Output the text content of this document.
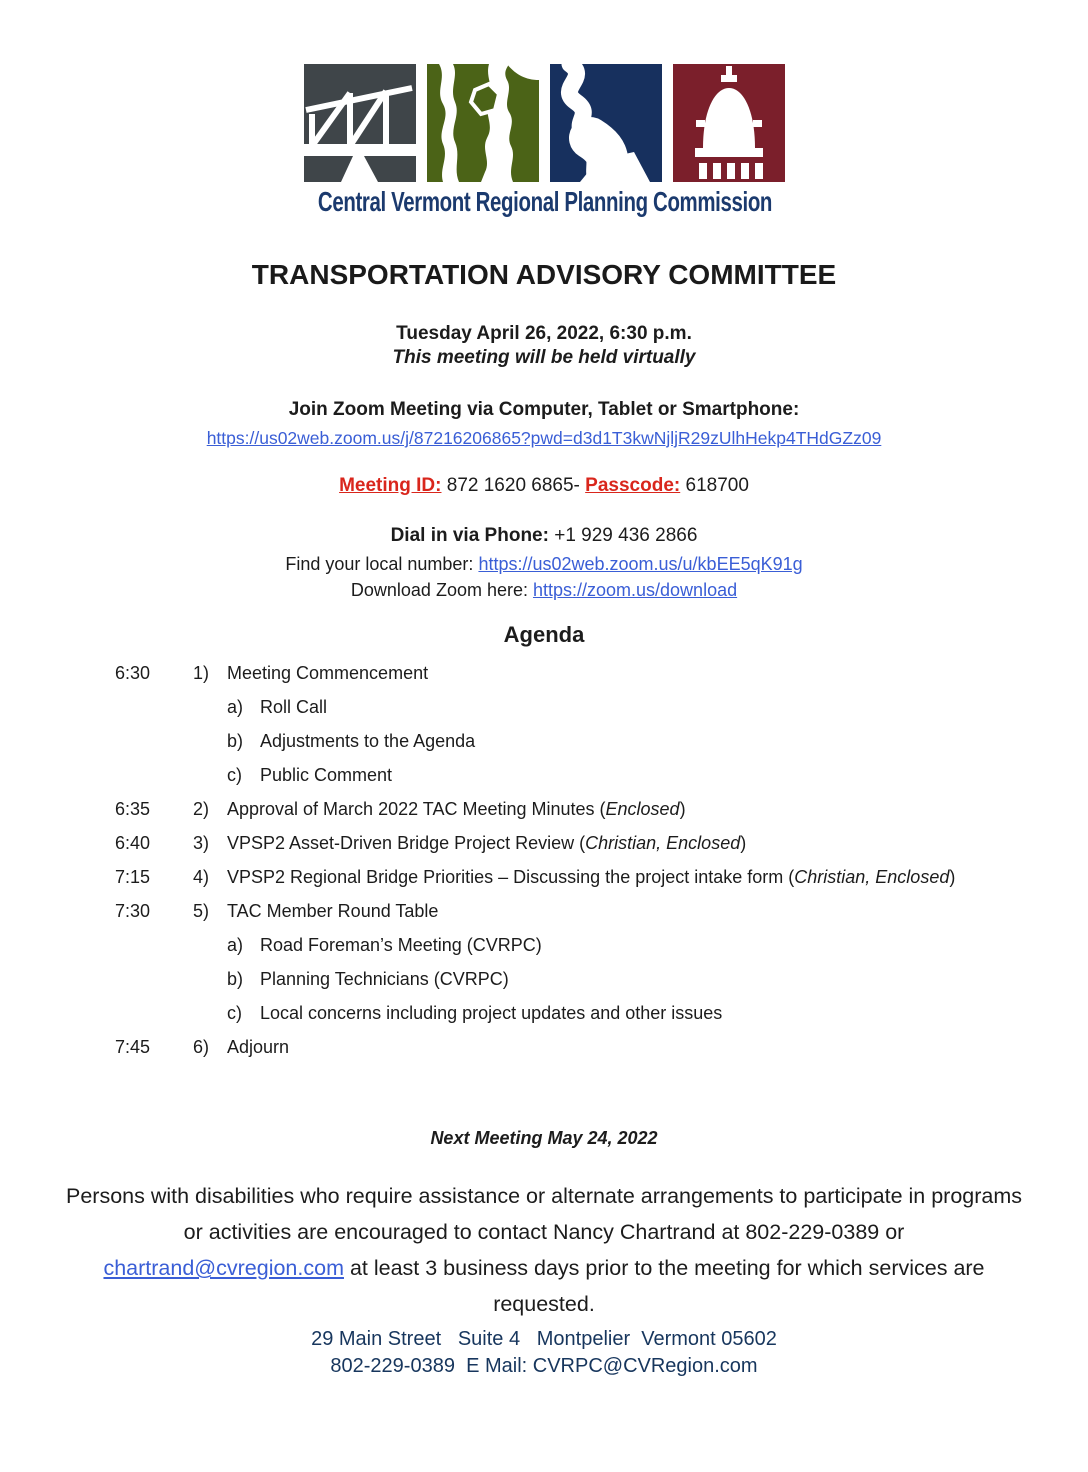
Central Vermont Regional Planning Commission
TRANSPORTATION ADVISORY COMMITTEE
Tuesday April 26, 2022, 6:30 p.m.
This meeting will be held virtually
Join Zoom Meeting via Computer, Tablet or Smartphone:
https://us02web.zoom.us/j/87216206865?pwd=d3d1T3kwNjljR29zUlhHekp4THdGZz09
Meeting ID: 872 1620 6865- Passcode: 618700
Dial in via Phone: +1 929 436 2866
Find your local number: https://us02web.zoom.us/u/kbEE5qK91g
Download Zoom here: https://zoom.us/download
Agenda
6:30	1) Meeting Commencement
a) Roll Call
b) Adjustments to the Agenda
c)	Public Comment
6:35	2) Approval of March 2022 TAC Meeting Minutes (Enclosed)
6:40	3) VPSP2 Asset-Driven Bridge Project Review (Christian, Enclosed)
7:15	4) VPSP2 Regional Bridge Priorities – Discussing the project intake form (Christian, Enclosed)
7:30	5) TAC Member Round Table
a) Road Foreman’s Meeting (CVRPC)
b) Planning Technicians (CVRPC)
c)	Local concerns including project updates and other issues
7:45	6) Adjourn
Next Meeting May 24, 2022

Persons with disabilities who require assistance or alternate arrangements to participate in programs or activities are encouraged to contact Nancy Chartrand at 802-229-0389 or chartrand@cvregion.com at least 3 business days prior to the meeting for which services are requested.

29 Main Street   Suite 4   Montpelier  Vermont 05602
802-229-0389  E Mail: CVRPC@CVRegion.com
